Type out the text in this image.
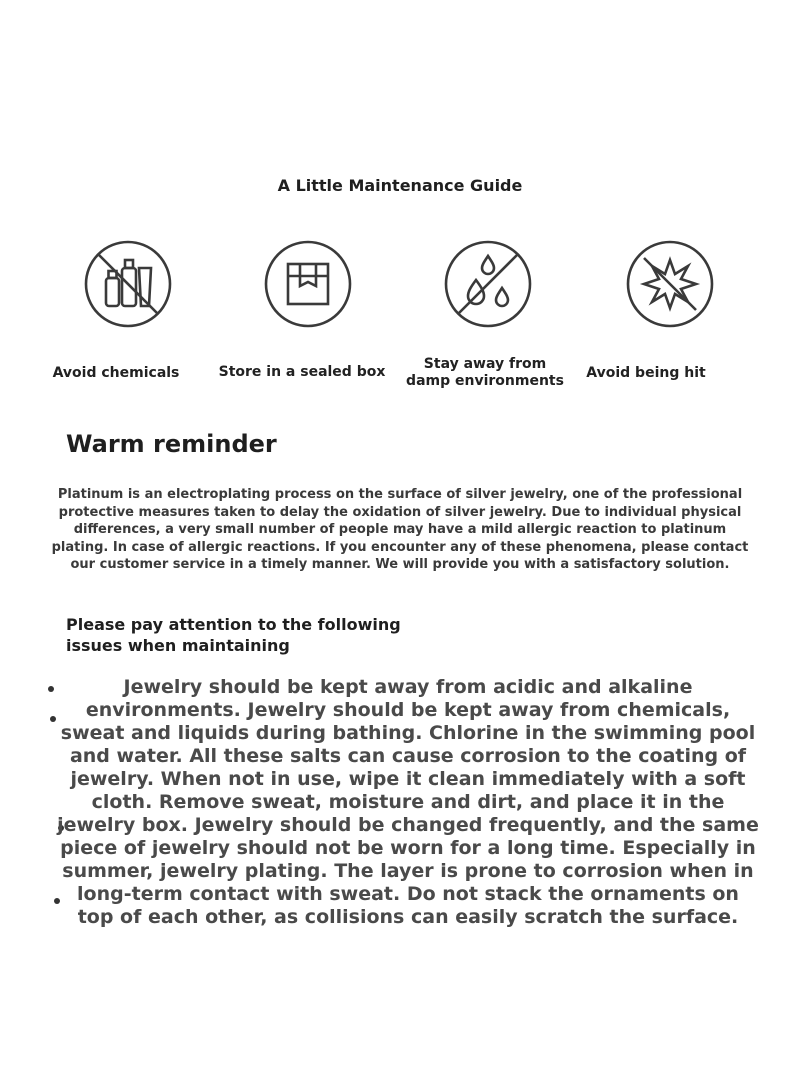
A Little Maintenance Guide
Avoid chemicals	Store in a sealed box	Stay away from
damp environments	Avoid being hit
Warm reminder
Platinum is an electroplating process on the surface of silver jewelry, one of the professional protective measures taken to delay the oxidation of silver jewelry. Due to individual physical differences, a very small number of people may have a mild allergic reaction to platinum plating. In case of allergic reactions. If you encounter any of these phenomena, please contact our customer service in a timely manner. We will provide you with a satisfactory solution.
Please pay attention to the following issues when maintaining
Jewelry should be kept away from acidic and alkaline environments. Jewelry should be kept away from chemicals, sweat and liquids during bathing. Chlorine in the swimming pool and water. All these salts can cause corrosion to the coating of jewelry. When not in use, wipe it clean immediately with a soft cloth. Remove sweat, moisture and dirt, and place it in the jewelry box. Jewelry should be changed frequently, and the same piece of jewelry should not be worn for a long time. Especially in summer, jewelry plating. The layer is prone to corrosion when in long-term contact with sweat. Do not stack the ornaments on top of each other, as collisions can easily scratch the surface.
